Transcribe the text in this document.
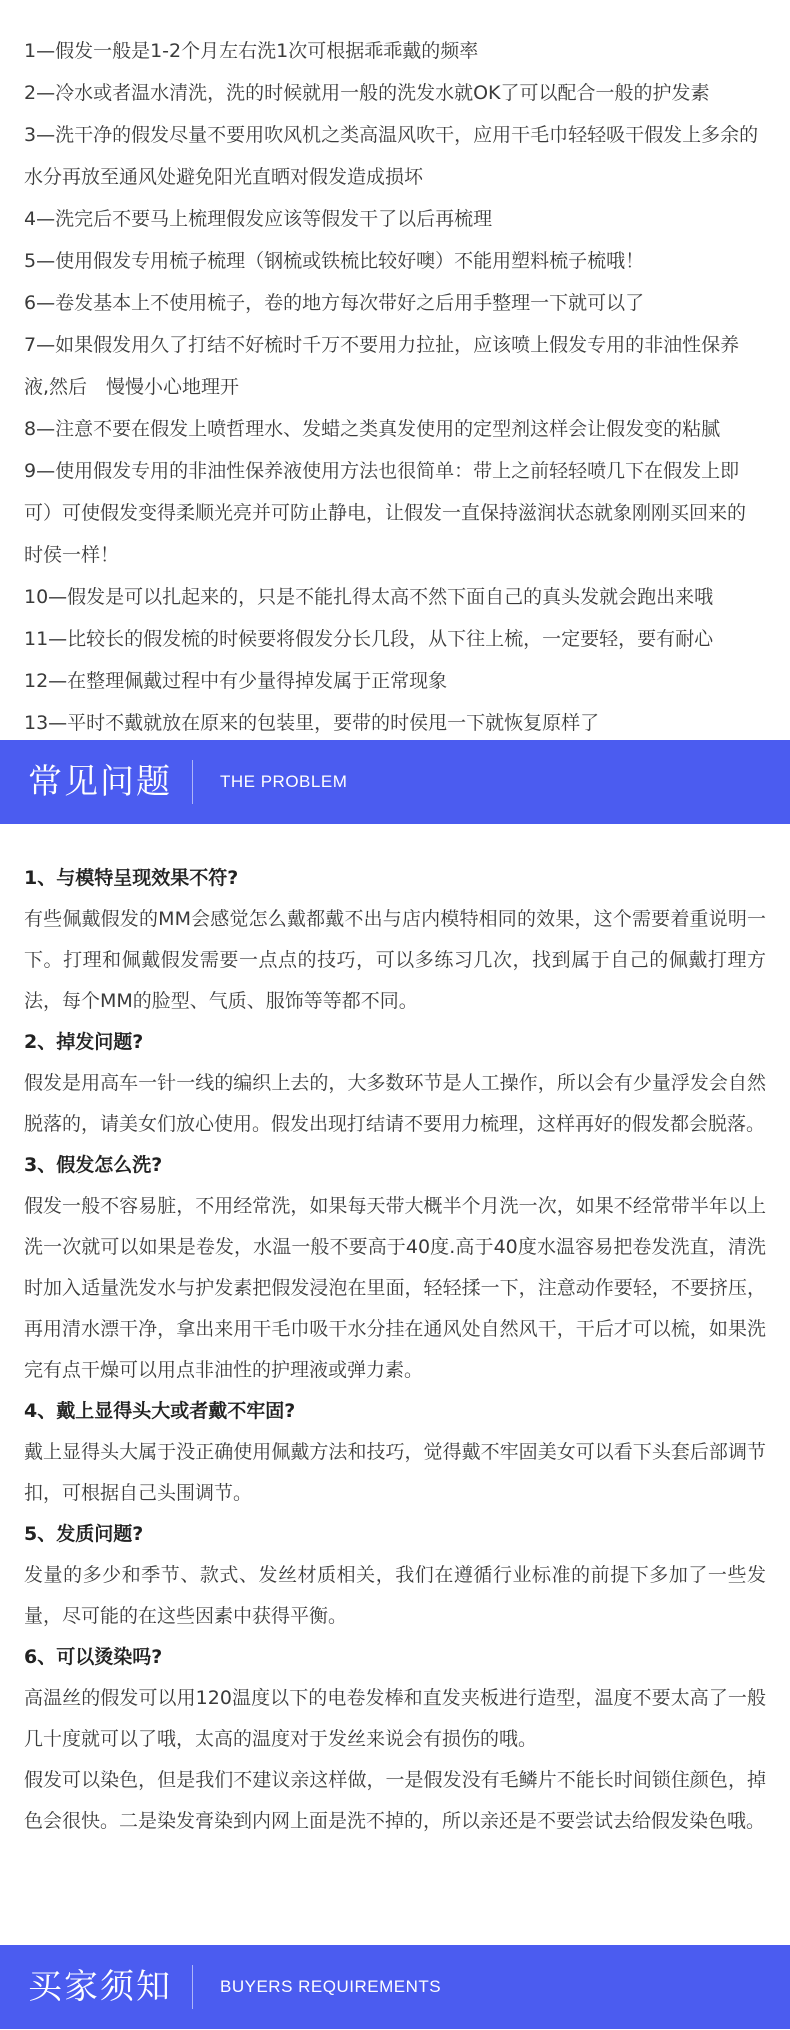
1—假发一般是1-2个月左右洗1次可根据乖乖戴的频率
2—冷水或者温水清洗，洗的时候就用一般的洗发水就OK了可以配合一般的护发素
3—洗干净的假发尽量不要用吹风机之类高温风吹干，应用干毛巾轻轻吸干假发上多余的水分再放至通风处避免阳光直晒对假发造成损坏
4—洗完后不要马上梳理假发应该等假发干了以后再梳理
5—使用假发专用梳子梳理（钢梳或铁梳比较好噢）不能用塑料梳子梳哦！
6—卷发基本上不使用梳子，卷的地方每次带好之后用手整理一下就可以了
7—如果假发用久了打结不好梳时千万不要用力拉扯，应该喷上假发专用的非油性保养液,然后　慢慢小心地理开
8—注意不要在假发上喷哲理水、发蜡之类真发使用的定型剂这样会让假发变的粘腻
9—使用假发专用的非油性保养液使用方法也很简单：带上之前轻轻喷几下在假发上即可）可使假发变得柔顺光亮并可防止静电，让假发一直保持滋润状态就象刚刚买回来的时侯一样！
10—假发是可以扎起来的，只是不能扎得太高不然下面自己的真头发就会跑出来哦
11—比较长的假发梳的时候要将假发分长几段，从下往上梳，一定要轻，要有耐心
12—在整理佩戴过程中有少量得掉发属于正常现象
13—平时不戴就放在原来的包装里，要带的时侯甩一下就恢复原样了
常见问题	THE PROBLEM

1、与模特呈现效果不符?

有些佩戴假发的MM会感觉怎么戴都戴不出与店内模特相同的效果，这个需要着重说明一下。打理和佩戴假发需要一点点的技巧，可以多练习几次，找到属于自己的佩戴打理方法，每个MM的脸型、气质、服饰等等都不同。

2、掉发问题?

假发是用高车一针一线的编织上去的，大多数环节是人工操作，所以会有少量浮发会自然脱落的，请美女们放心使用。假发出现打结请不要用力梳理，这样再好的假发都会脱落。

3、假发怎么洗?

假发一般不容易脏，不用经常洗，如果每天带大概半个月洗一次，如果不经常带半年以上洗一次就可以如果是卷发，水温一般不要高于40度.高于40度水温容易把卷发洗直，清洗时加入适量洗发水与护发素把假发浸泡在里面，轻轻揉一下，注意动作要轻，不要挤压，再用清水漂干净，拿出来用干毛巾吸干水分挂在通风处自然风干，干后才可以梳，如果洗完有点干燥可以用点非油性的护理液或弹力素。

4、戴上显得头大或者戴不牢固?

戴上显得头大属于没正确使用佩戴方法和技巧，觉得戴不牢固美女可以看下头套后部调节扣，可根据自己头围调节。

5、发质问题?

发量的多少和季节、款式、发丝材质相关，我们在遵循行业标准的前提下多加了一些发量，尽可能的在这些因素中获得平衡。

6、可以烫染吗?

高温丝的假发可以用120温度以下的电卷发棒和直发夹板进行造型，温度不要太高了一般几十度就可以了哦，太高的温度对于发丝来说会有损伤的哦。

假发可以染色，但是我们不建议亲这样做，一是假发没有毛鳞片不能长时间锁住颜色，掉色会很快。二是染发膏染到内网上面是洗不掉的，所以亲还是不要尝试去给假发染色哦。

买家须知	BUYERS REQUIREMENTS
